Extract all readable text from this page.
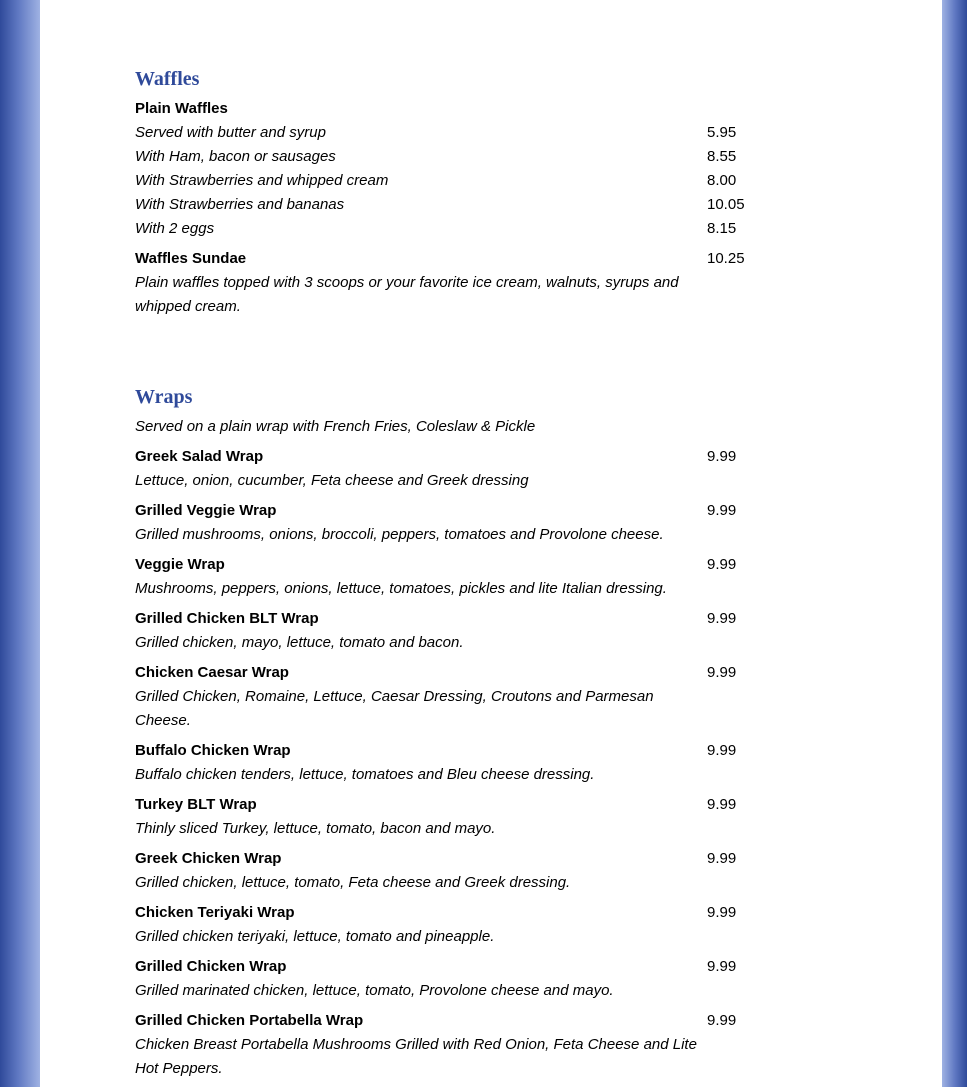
Waffles
Plain Waffles
Served with butter and syrup	5.95
With Ham, bacon or sausages	8.55
With Strawberries and whipped cream	8.00
With Strawberries and bananas	10.05
With 2 eggs	8.15
Waffles Sundae	10.25
Plain waffles topped with 3 scoops or your favorite ice cream, walnuts, syrups and whipped cream.
Wraps
Served on a plain wrap with French Fries, Coleslaw & Pickle
Greek Salad Wrap	9.99
Lettuce, onion, cucumber, Feta cheese and Greek dressing
Grilled Veggie Wrap	9.99
Grilled mushrooms, onions, broccoli, peppers, tomatoes and Provolone cheese.
Veggie Wrap	9.99
Mushrooms, peppers, onions, lettuce, tomatoes, pickles and lite Italian dressing.
Grilled Chicken BLT Wrap	9.99
Grilled chicken, mayo, lettuce, tomato and bacon.
Chicken Caesar Wrap	9.99
Grilled Chicken, Romaine, Lettuce, Caesar Dressing, Croutons and Parmesan Cheese.
Buffalo Chicken Wrap	9.99
Buffalo chicken tenders, lettuce, tomatoes and Bleu cheese dressing.
Turkey BLT Wrap	9.99
Thinly sliced Turkey, lettuce, tomato, bacon and mayo.
Greek Chicken Wrap	9.99
Grilled chicken, lettuce, tomato, Feta cheese and Greek dressing.
Chicken Teriyaki Wrap	9.99
Grilled chicken teriyaki, lettuce, tomato and pineapple.
Grilled Chicken Wrap	9.99
Grilled marinated chicken, lettuce, tomato, Provolone cheese and mayo.
Grilled Chicken Portabella Wrap	9.99
Chicken Breast Portabella Mushrooms Grilled with Red Onion, Feta Cheese and Lite Hot Peppers.
